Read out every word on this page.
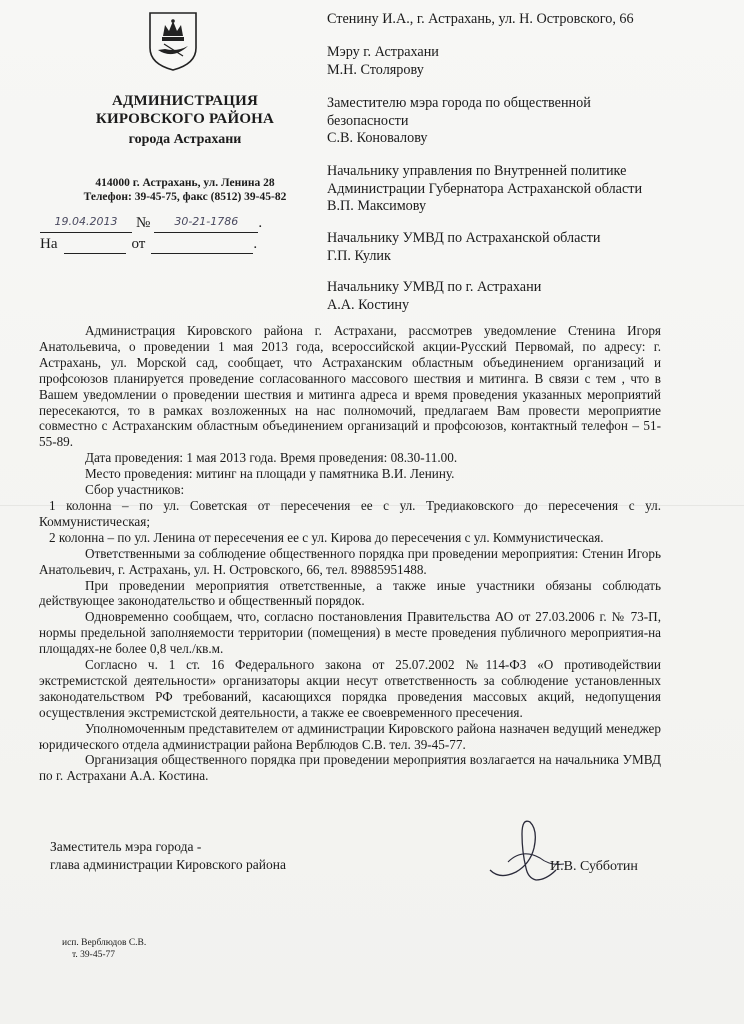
АДМИНИСТРАЦИЯ
КИРОВСКОГО РАЙОНА
города Астрахани
414000 г. Астрахань, ул. Ленина 28
Телефон: 39-45-75, факс (8512) 39-45-82
19.04.2013	№	30-21-1786	.
На	от	.
Стенину И.А., г. Астрахань, ул. Н. Островского, 66
Мэру г. Астрахани
М.Н. Столярову
Заместителю мэра города по общественной
безопасности
С.В. Коновалову
Начальнику управления по Внутренней политике
Администрации Губернатора Астраханской области
В.П. Максимову
Начальнику УМВД по Астраханской области
Г.П. Кулик
Начальнику УМВД по г. Астрахани
А.А. Костину

Администрация Кировского района г. Астрахани, рассмотрев уведомление Стенина Игоря Анатольевича, о проведении 1 мая 2013 года, всероссийской акции-Русский Первомай, по адресу: г. Астрахань, ул. Морской сад, сообщает, что Астраханским областным объединением организаций и профсоюзов планируется проведение согласованного массового шествия и митинга. В связи с тем , что в Вашем уведомлении о проведении шествия и митинга адреса и время проведения указанных мероприятий пересекаются, то в рамках возложенных на нас полномочий, предлагаем Вам провести мероприятие совместно с Астраханским областным объединением организаций и профсоюзов, контактный телефон – 51-55-89.

Дата проведения: 1 мая 2013 года. Время проведения: 08.30-11.00.

Место проведения: митинг на площади у памятника В.И. Ленину.

Сбор участников:

1 колонна – по ул. Советская от пересечения ее с ул. Тредиаковского до пересечения с ул. Коммунистическая;

2 колонна – по ул. Ленина от пересечения ее с ул. Кирова до пересечения с ул. Коммунистическая.

Ответственными за соблюдение общественного порядка при проведении мероприятия: Стенин Игорь Анатольевич, г. Астрахань, ул. Н. Островского, 66, тел. 89885951488.

При проведении мероприятия ответственные, а также иные участники обязаны соблюдать действующее законодательство и общественный порядок.

Одновременно сообщаем, что, согласно постановления Правительства АО от 27.03.2006 г. № 73-П, нормы предельной заполняемости территории (помещения) в месте проведения публичного мероприятия-на площадях-не более 0,8 чел./кв.м.

Согласно ч. 1 ст. 16 Федерального закона от 25.07.2002 №114-ФЗ «О противодействии экстремистской деятельности» организаторы акции несут ответственность за соблюдение установленных законодательством РФ требований, касающихся порядка проведения массовых акций, недопущения осуществления экстремистской деятельности, а также ее своевременного пресечения.

Уполномоченным представителем от администрации Кировского района назначен ведущий менеджер юридического отдела администрации района Верблюдов С.В. тел. 39-45-77.

Организация общественного порядка при проведении мероприятия возлагается на начальника УМВД по г. Астрахани А.А. Костина.

Заместитель мэра города -
глава администрации Кировского района	И.В. Субботин
исп. Верблюдов С.В.
т. 39-45-77
